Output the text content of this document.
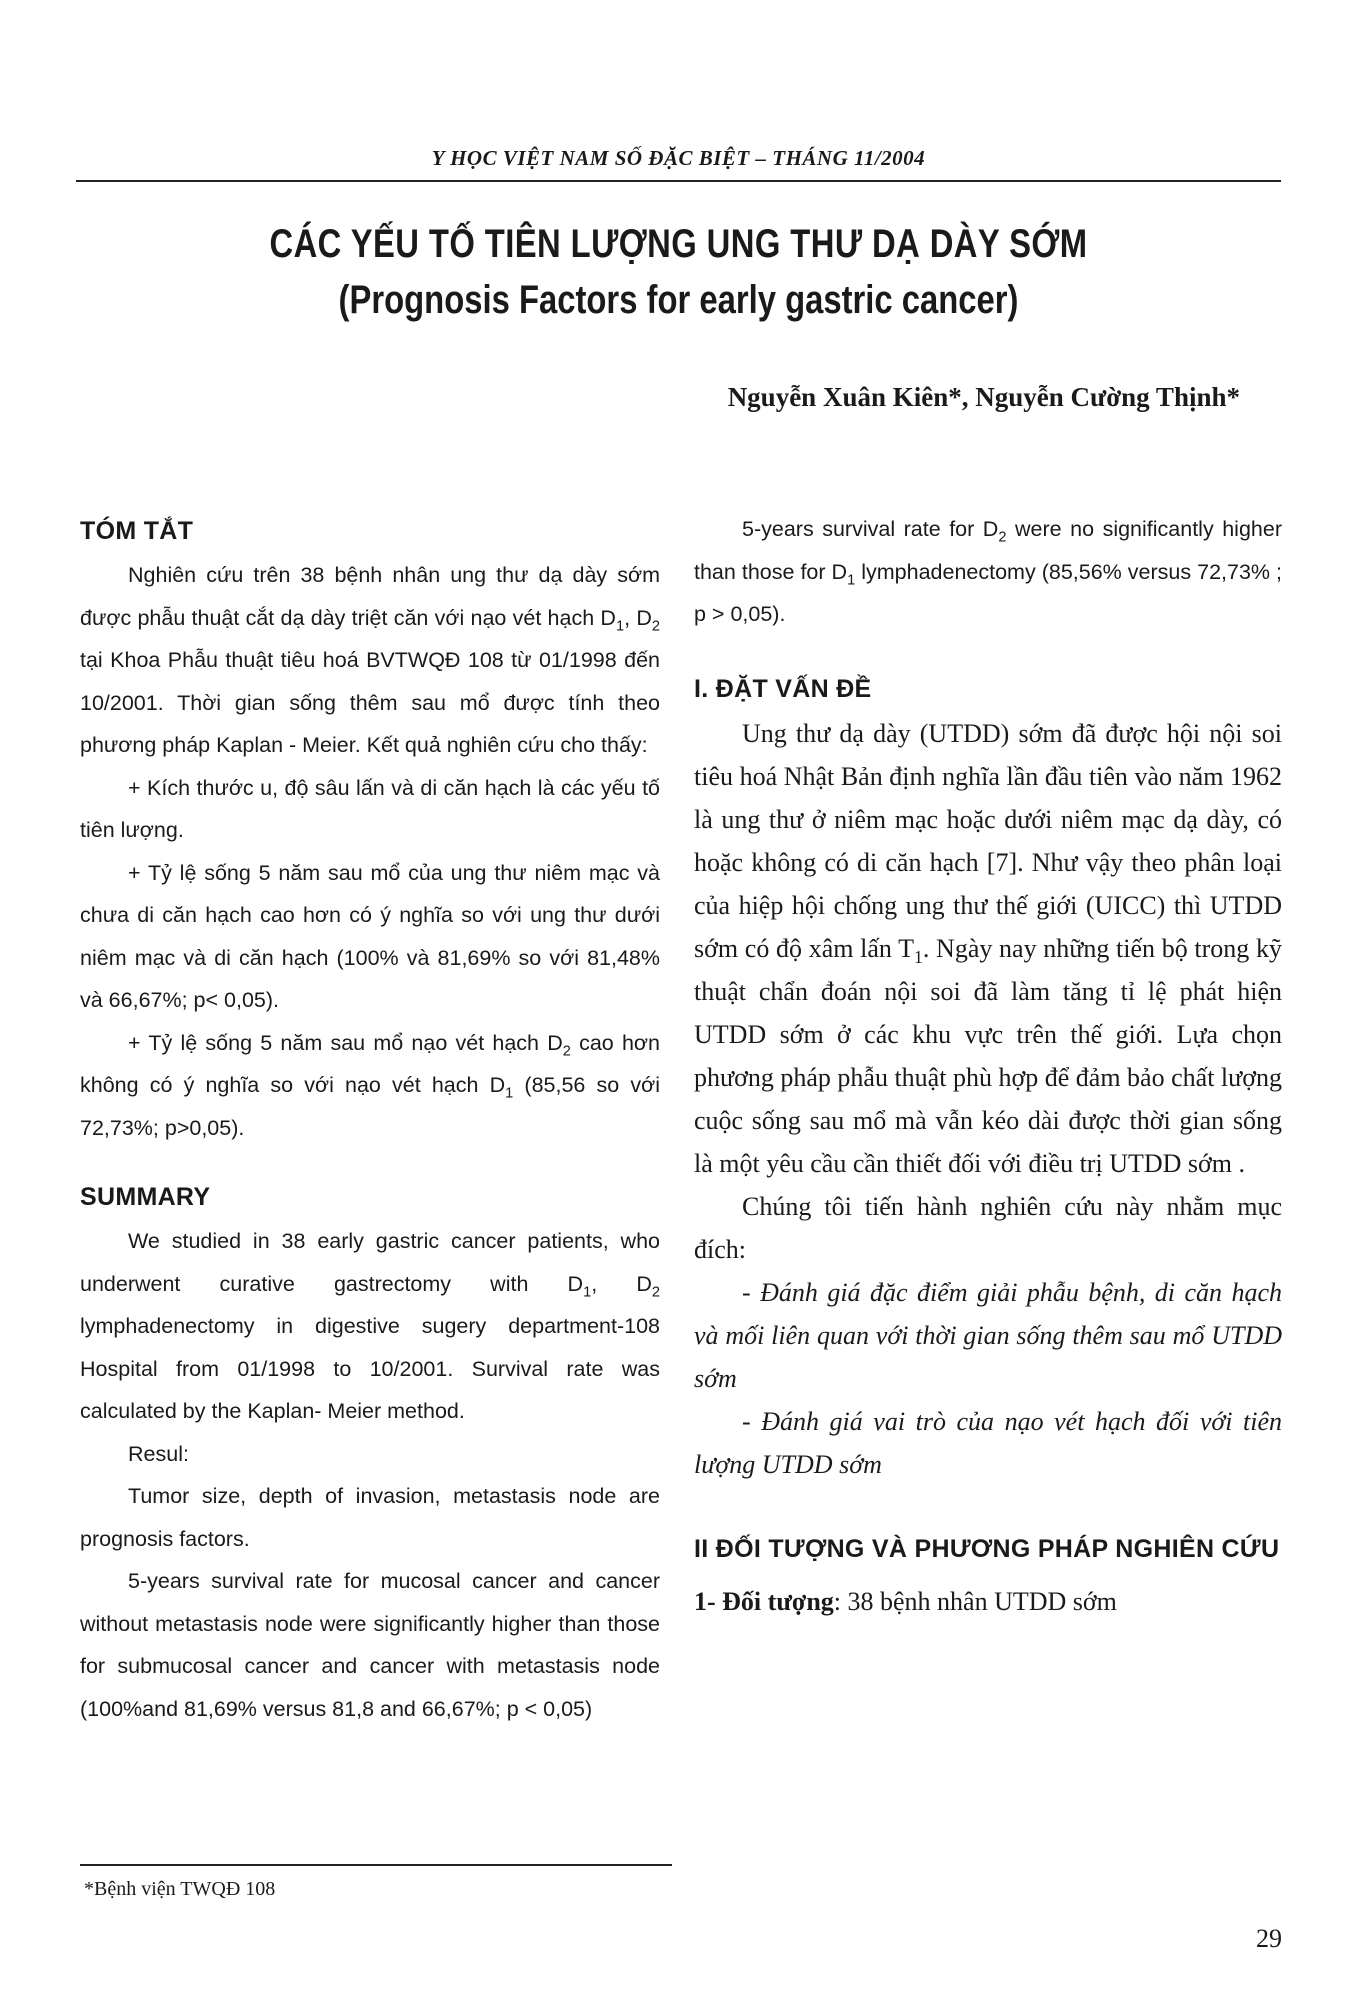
Y HỌC VIỆT NAM SỐ ĐẶC BIỆT – THÁNG 11/2004
CÁC YẾU TỐ TIÊN LƯỢNG UNG THƯ DẠ DÀY SỚM
(Prognosis Factors for early gastric cancer)
Nguyễn Xuân Kiên*, Nguyễn Cường Thịnh*
TÓM TẮT

Nghiên cứu trên 38 bệnh nhân ung thư dạ dày sớm được phẫu thuật cắt dạ dày triệt căn với nạo vét hạch $D_1$, $D_2$ tại Khoa Phẫu thuật tiêu hoá BVTWQĐ 108 từ 01/1998 đến 10/2001. Thời gian sống thêm sau mổ được tính theo phương pháp Kaplan - Meier. Kết quả nghiên cứu cho thấy:

+ Kích thước u, độ sâu lấn và di căn hạch là các yếu tố tiên lượng.

+ Tỷ lệ sống 5 năm sau mổ của ung thư niêm mạc và chưa di căn hạch cao hơn có ý nghĩa so với ung thư dưới niêm mạc và di căn hạch (100% và 81,69% so với 81,48% và 66,67%; p< 0,05).

+ Tỷ lệ sống 5 năm sau mổ nạo vét hạch $D_2$ cao hơn không có ý nghĩa so với nạo vét hạch $D_1$ (85,56 so với 72,73%; p>0,05).

SUMMARY

We studied in 38 early gastric cancer patients, who underwent curative gastrectomy with $D_1$, $D_2$ lymphadenectomy in digestive sugery department-108 Hospital from 01/1998 to 10/2001. Survival rate was calculated by the Kaplan- Meier method.

Resul:

Tumor size, depth of invasion, metastasis node are prognosis factors.

5-years survival rate for mucosal cancer and cancer without metastasis node were significantly higher than those for submucosal cancer and cancer with metastasis node (100%and 81,69% versus 81,8 and 66,67%; p < 0,05)

5-years survival rate for $D_2$ were no significantly higher than those for $D_1$ lymphadenectomy (85,56% versus 72,73% ; p > 0,05).

I. ĐẶT VẤN ĐỀ

Ung thư dạ dày (UTDD) sớm đã được hội nội soi tiêu hoá Nhật Bản định nghĩa lần đầu tiên vào năm 1962 là ung thư ở niêm mạc hoặc dưới niêm mạc dạ dày, có hoặc không có di căn hạch [7]. Như vậy theo phân loại của hiệp hội chống ung thư thế giới (UICC) thì UTDD sớm có độ xâm lấn $T_1$. Ngày nay những tiến bộ trong kỹ thuật chẩn đoán nội soi đã làm tăng tỉ lệ phát hiện UTDD sớm ở các khu vực trên thế giới. Lựa chọn phương pháp phẫu thuật phù hợp để đảm bảo chất lượng cuộc sống sau mổ mà vẫn kéo dài được thời gian sống là một yêu cầu cần thiết đối với điều trị UTDD sớm .

Chúng tôi tiến hành nghiên cứu này nhằm mục đích:

- Đánh giá đặc điểm giải phẫu bệnh, di căn hạch và mối liên quan với thời gian sống thêm sau mổ UTDD sớm

- Đánh giá vai trò của nạo vét hạch đối với tiên lượng UTDD sớm

II ĐỐI TƯỢNG VÀ PHƯƠNG PHÁP NGHIÊN CỨU

1- Đối tượng: 38 bệnh nhân UTDD sớm

*Bệnh viện TWQĐ 108
29
